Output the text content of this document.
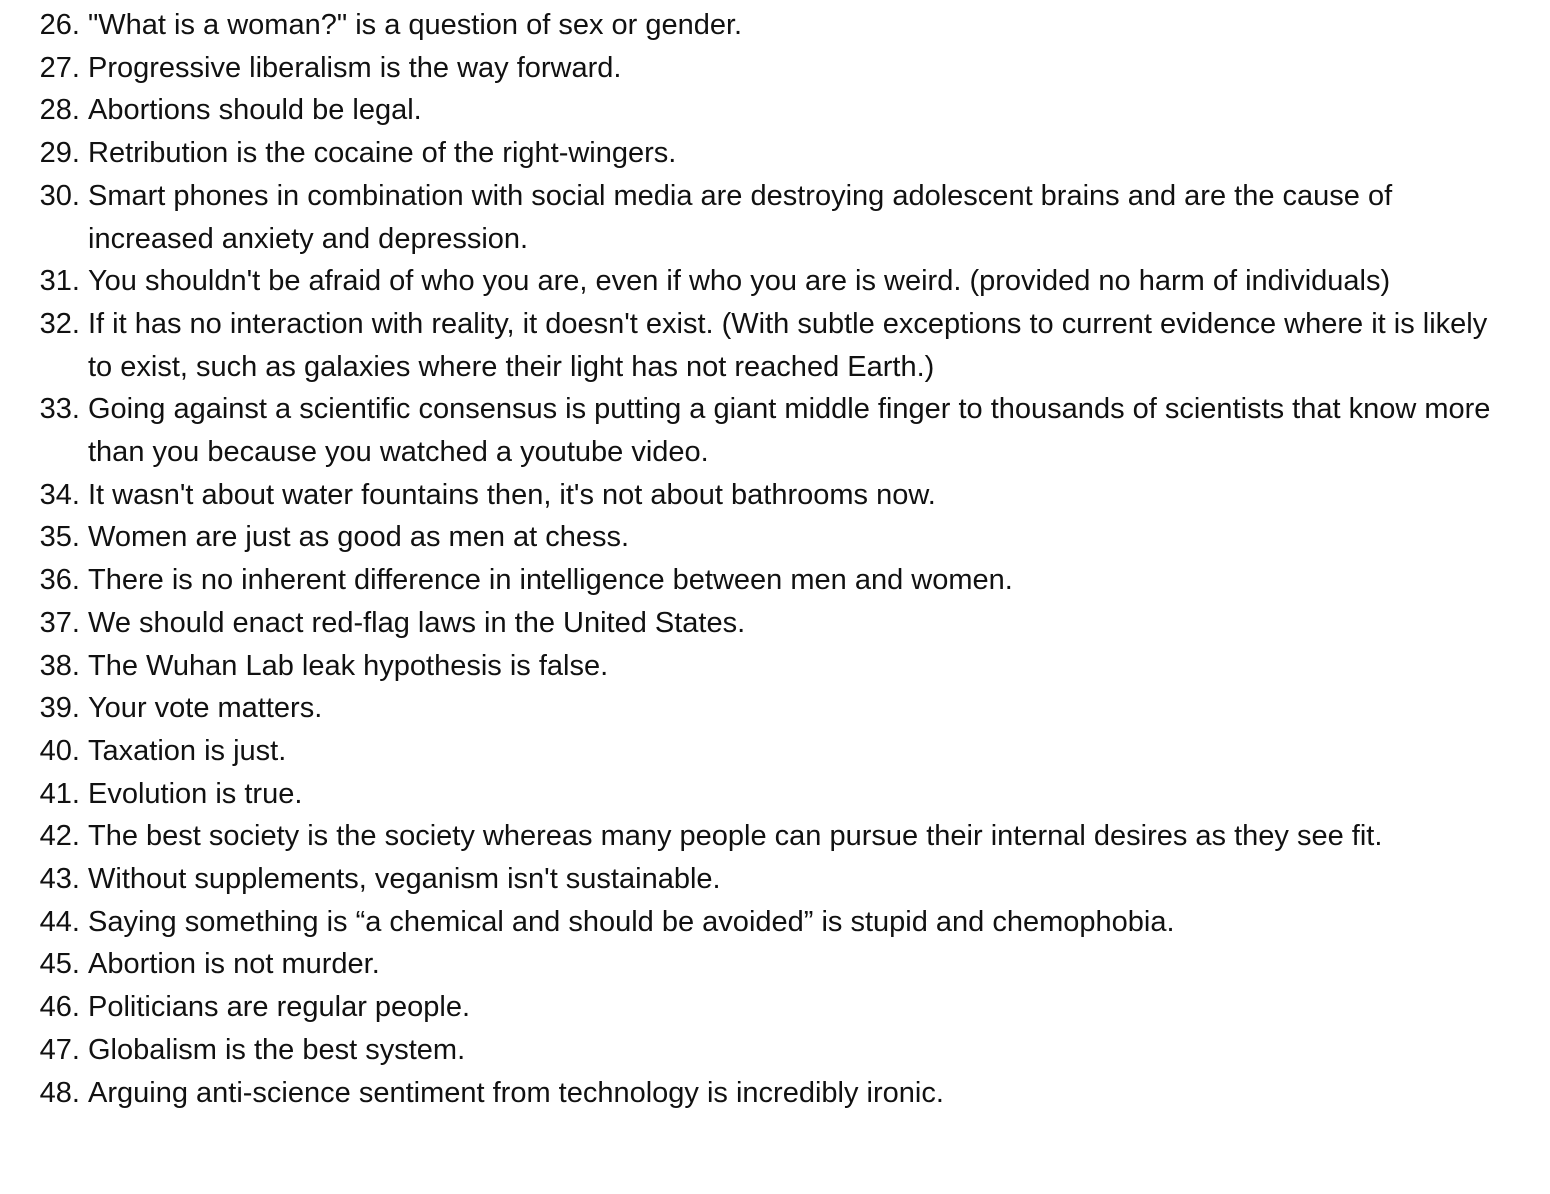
26. "What is a woman?" is a question of sex or gender.
27. Progressive liberalism is the way forward.
28. Abortions should be legal.
29. Retribution is the cocaine of the right-wingers.
30. Smart phones in combination with social media are destroying adolescent brains and are the cause of increased anxiety and depression.
31. You shouldn't be afraid of who you are, even if who you are is weird. (provided no harm of individuals)
32. If it has no interaction with reality, it doesn't exist. (With subtle exceptions to current evidence where it is likely to exist, such as galaxies where their light has not reached Earth.)
33. Going against a scientific consensus is putting a giant middle finger to thousands of scientists that know more than you because you watched a youtube video.
34. It wasn't about water fountains then, it's not about bathrooms now.
35. Women are just as good as men at chess.
36. There is no inherent difference in intelligence between men and women.
37. We should enact red-flag laws in the United States.
38. The Wuhan Lab leak hypothesis is false.
39. Your vote matters.
40. Taxation is just.
41. Evolution is true.
42. The best society is the society whereas many people can pursue their internal desires as they see fit.
43. Without supplements, veganism isn't sustainable.
44. Saying something is “a chemical and should be avoided” is stupid and chemophobia.
45. Abortion is not murder.
46. Politicians are regular people.
47. Globalism is the best system.
48. Arguing anti-science sentiment from technology is incredibly ironic.
